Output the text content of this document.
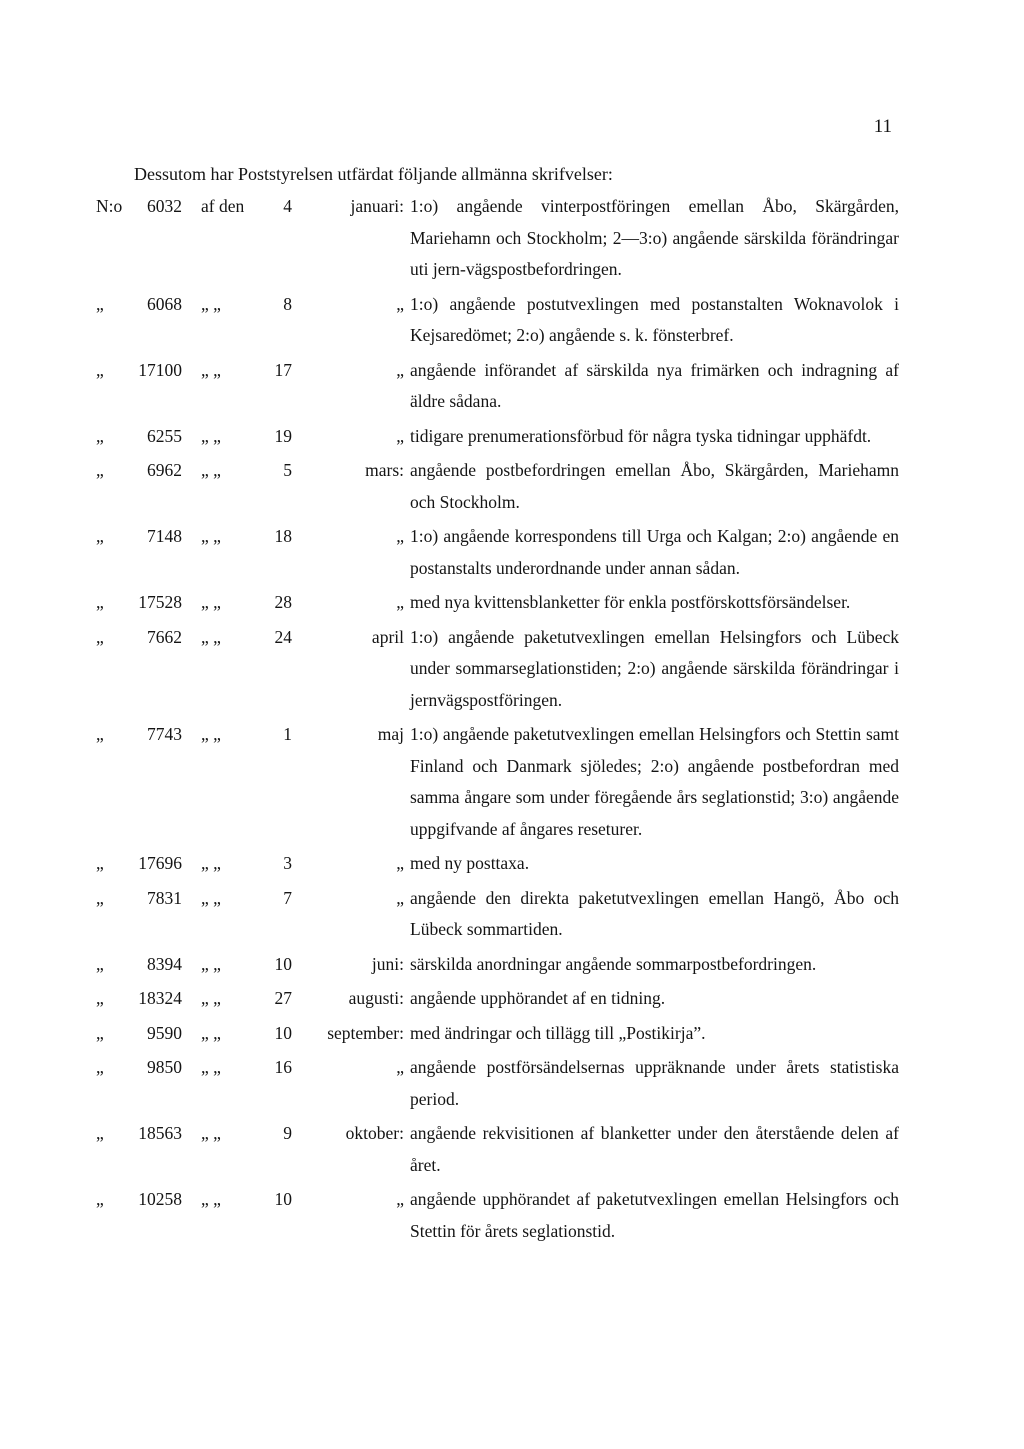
11
Dessutom har Poststyrelsen utfärdat följande allmänna skrifvelser:
N:o	6032 af den	4	januari: 1:o) angående vinterpostföringen emellan Åbo, Skärgården, Mariehamn och Stockholm; 2—3:o) angående särskilda förändringar uti jern-vägspostbefordringen.
„	6068 „ „	8	„ 1:o) angående postutvexlingen med postanstalten Woknavolok i Kejsaredömet; 2:o) angående s. k. fönsterbref.
„	17100 „ „	17	„ angående införandet af särskilda nya frimärken och indragning af äldre sådana.
„	6255 „ „	19	„ tidigare prenumerationsförbud för några tyska tidningar upphäfdt.
„	6962 „ „	5	mars: angående postbefordringen emellan Åbo, Skärgården, Mariehamn och Stockholm.
„	7148 „ „	18	„ 1:o) angående korrespondens till Urga och Kalgan; 2:o) angående en postanstalts underordnande under annan sådan.
„	17528 „ „	28	„ med nya kvittensblanketter för enkla postförskottsförsändelser.
„	7662 „ „	24	april 1:o) angående paketutvexlingen emellan Helsingfors och Lübeck under sommarseglationstiden; 2:o) angående särskilda förändringar i jernvägspostföringen.
„	7743 „ „	1	maj 1:o) angående paketutvexlingen emellan Helsingfors och Stettin samt Finland och Danmark sjöledes; 2:o) angående postbefordran med samma ångare som under föregående års seglationstid; 3:o) angående uppgifvande af ångares reseturer.
„	17696 „ „	3	„ med ny posttaxa.
„	7831 „ „	7	„ angående den direkta paketutvexlingen emellan Hangö, Åbo och Lübeck sommartiden.
„	8394 „ „	10	juni: särskilda anordningar angående sommarpostbefordringen.
„	18324 „ „	27	augusti: angående upphörandet af en tidning.
„	9590 „ „	10	september: med ändringar och tillägg till „Postikirja”.
„	9850 „ „	16	„ angående postförsändelsernas uppräknande under årets statistiska period.
„	18563 „ „	9	oktober: angående rekvisitionen af blanketter under den återstående delen af året.
„	10258 „ „	10	„ angående upphörandet af paketutvexlingen emellan Helsingfors och Stettin för årets seglationstid.
